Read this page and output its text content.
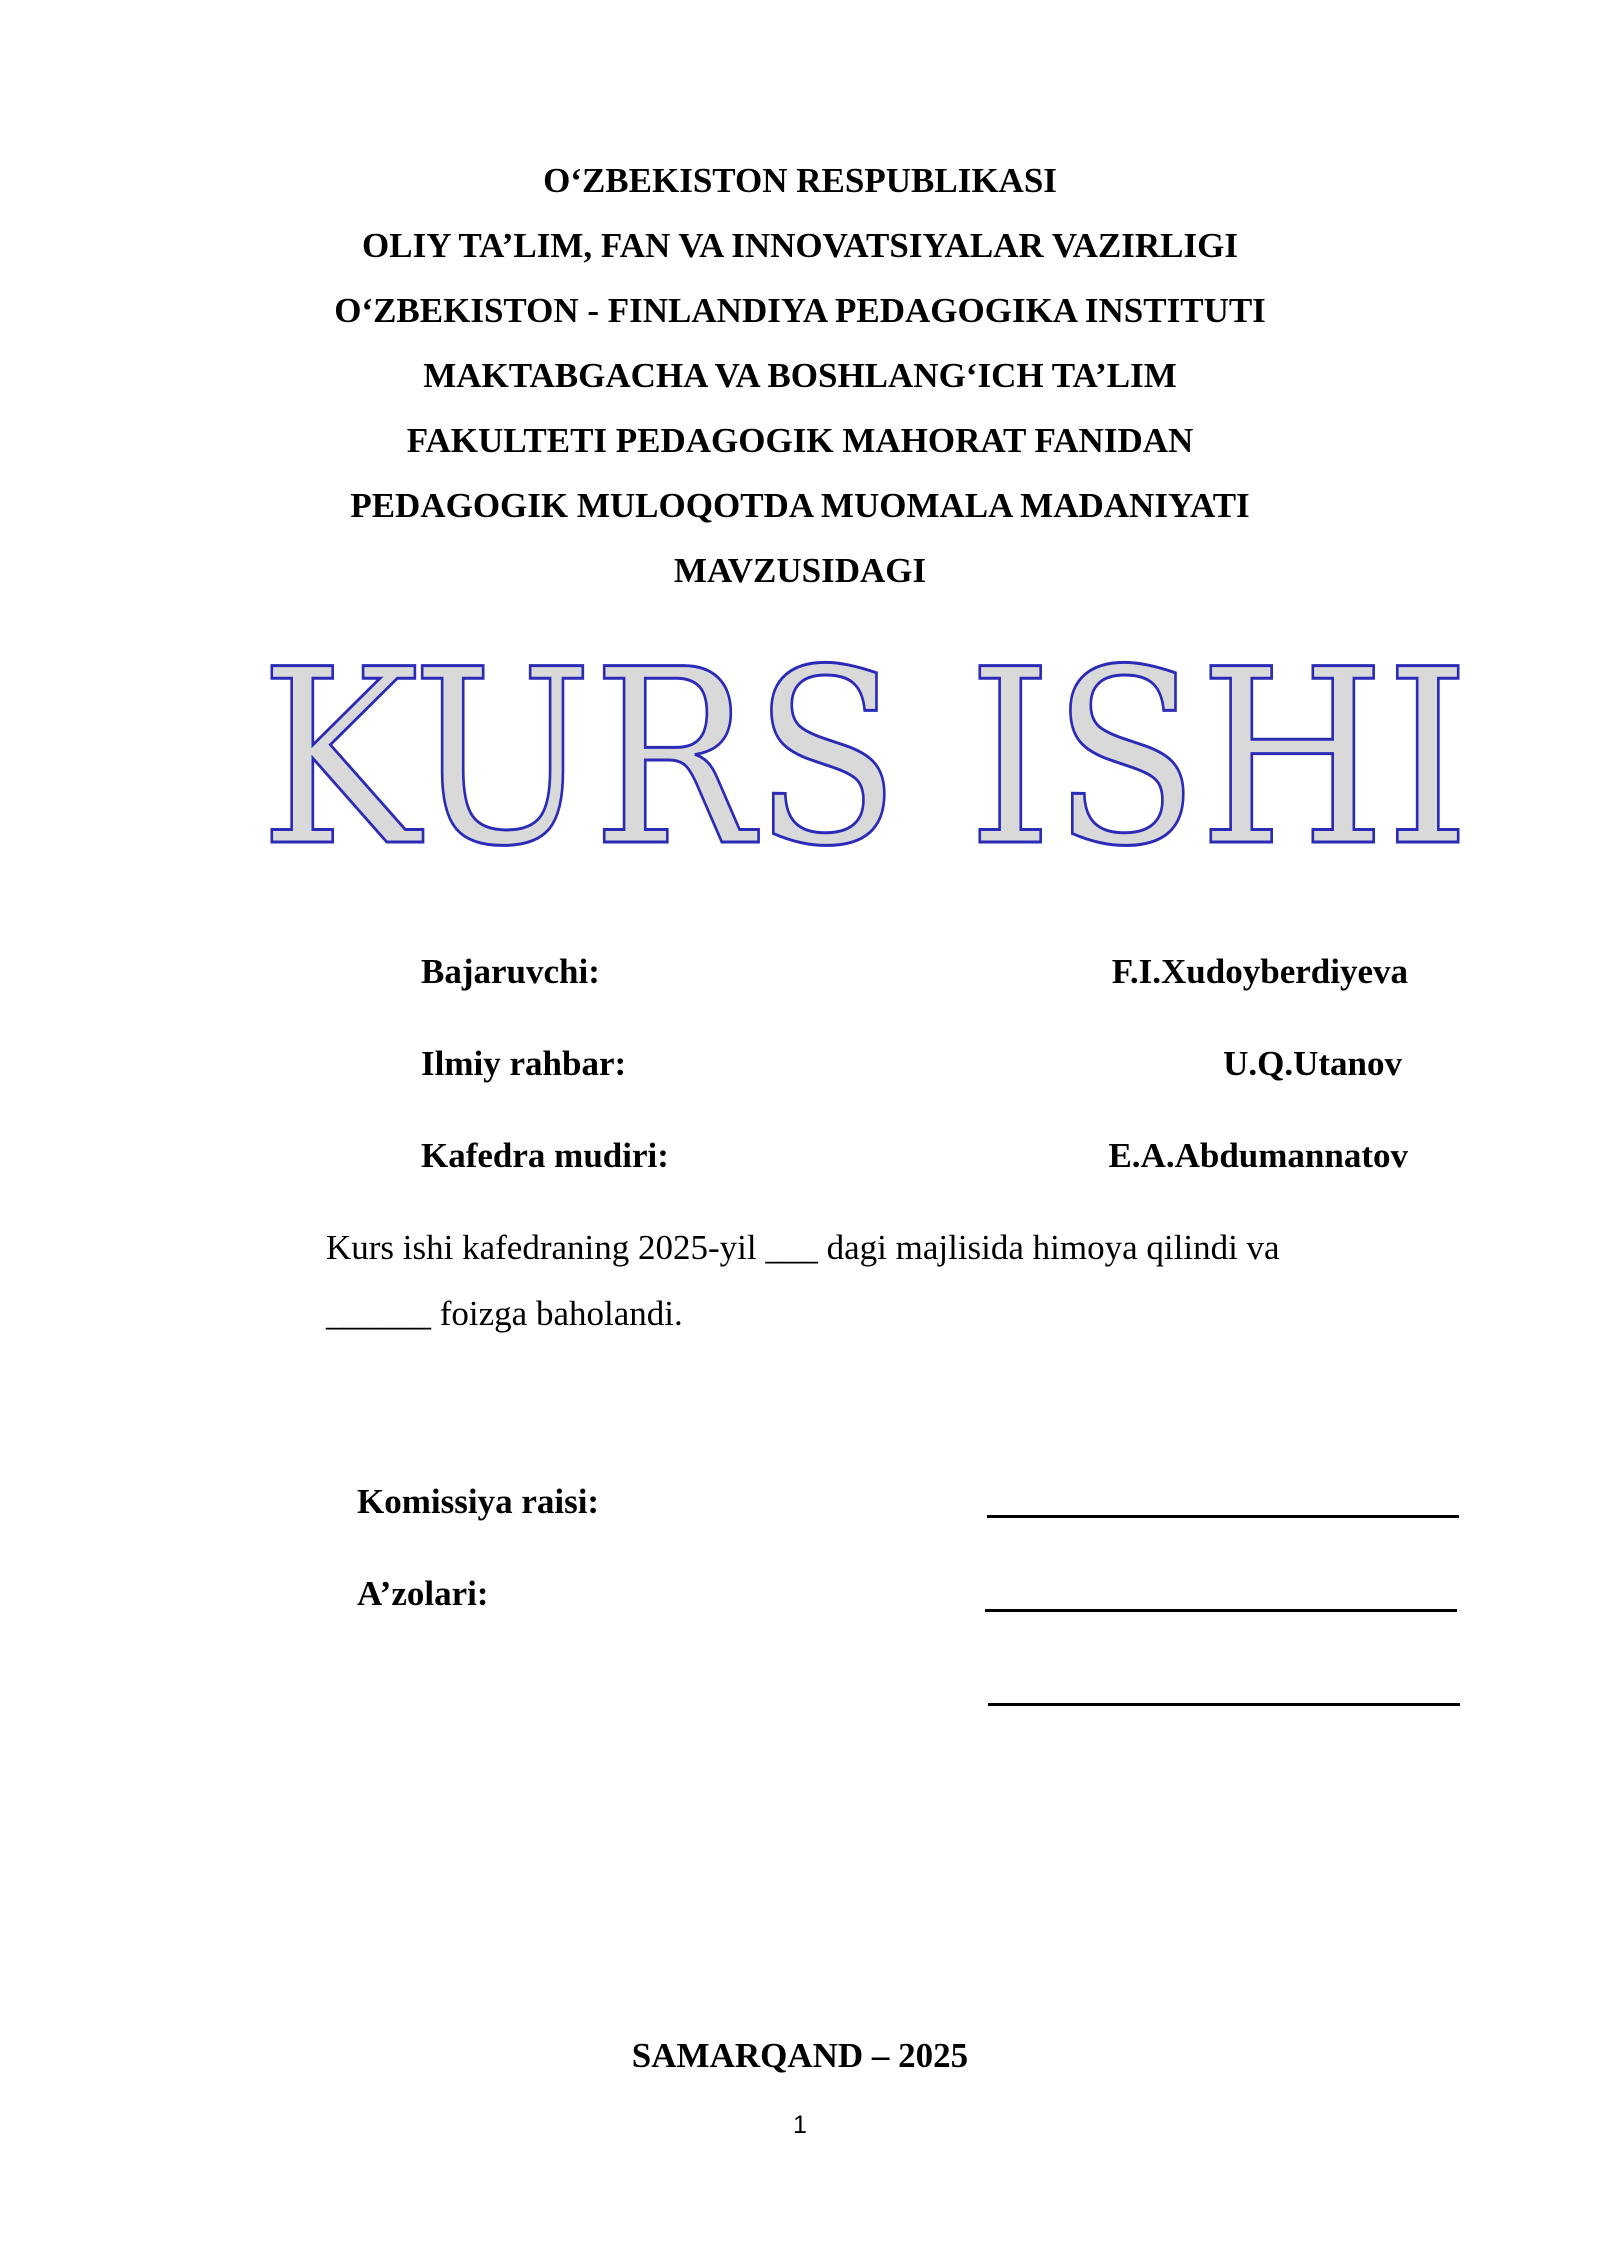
O‘ZBEKISTON RESPUBLIKASI
OLIY TA’LIM, FAN VA INNOVATSIYALAR VAZIRLIGI
O‘ZBEKISTON - FINLANDIYA PEDAGOGIKA INSTITUTI
MAKTABGACHA VA BOSHLANG‘ICH TA’LIM
FAKULTETI PEDAGOGIK MAHORAT FANIDAN
PEDAGOGIK MULOQOTDA MUOMALA MADANIYATI
MAVZUSIDAGI
KURS ISHI
Bajaruvchi:	F.I.Xudoyberdiyeva
Ilmiy rahbar:	U.Q.Utanov
Kafedra mudiri:	E.A.Abdumannatov
Kurs ishi kafedraning 2025-yil ___ dagi majlisida himoya qilindi va
______ foizga baholandi.
Komissiya raisi:
A’zolari:
SAMARQAND – 2025
1
